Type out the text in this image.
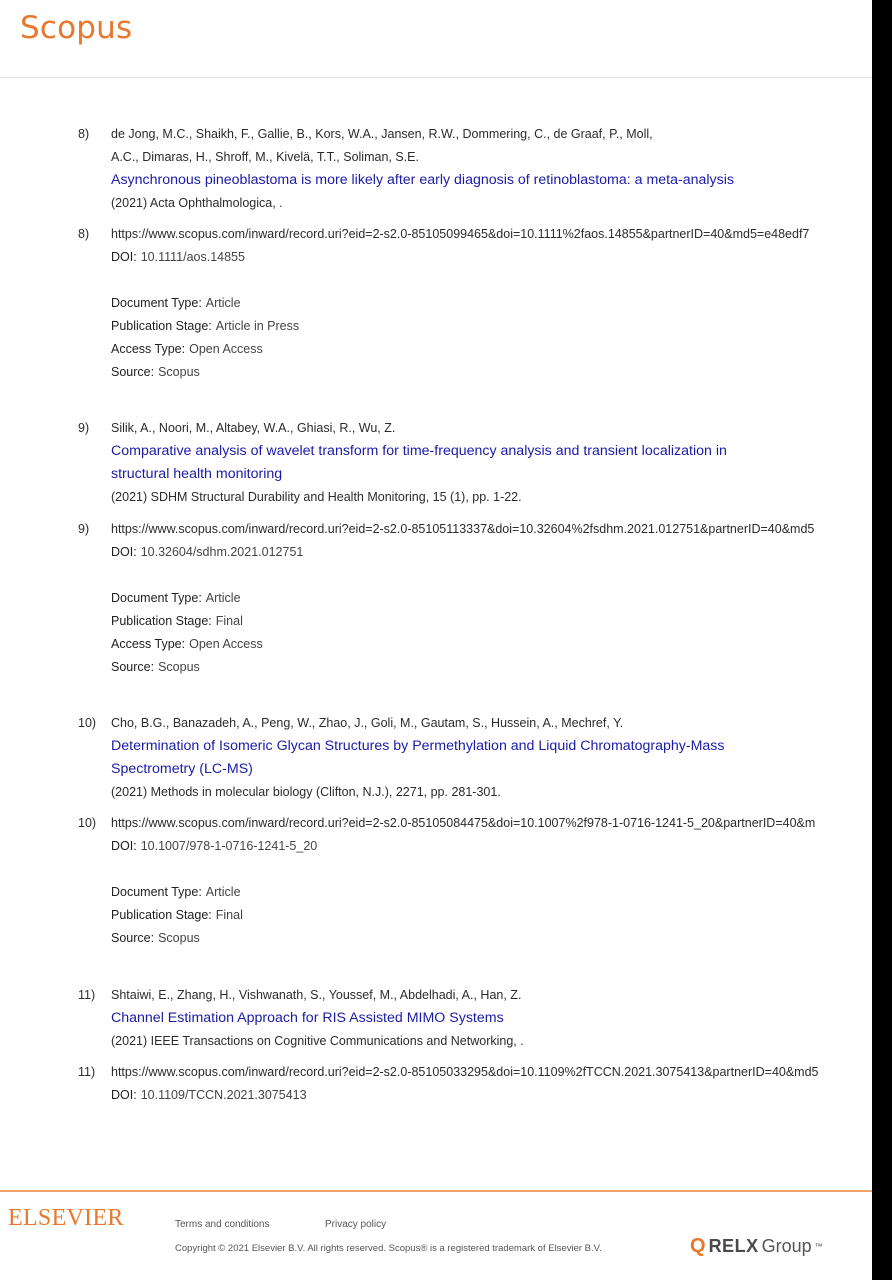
Scopus
8)	de Jong, M.C., Shaikh, F., Gallie, B., Kors, W.A., Jansen, R.W., Dommering, C., de Graaf, P., Moll,
A.C., Dimaras, H., Shroff, M., Kivelä, T.T., Soliman, S.E.
Asynchronous pineoblastoma is more likely after early diagnosis of retinoblastoma: a meta-analysis
(2021) Acta Ophthalmologica, .
8)	https://www.scopus.com/inward/record.uri?eid=2-s2.0-85105099465&doi=10.1111%2faos.14855&partnerID=40&md5=e48edf7
DOI: 10.1111/aos.14855
Document Type: Article
Publication Stage: Article in Press
Access Type: Open Access
Source: Scopus
9)	Silik, A., Noori, M., Altabey, W.A., Ghiasi, R., Wu, Z.
Comparative analysis of wavelet transform for time-frequency analysis and transient localization in
structural health monitoring
(2021) SDHM Structural Durability and Health Monitoring, 15 (1), pp. 1-22.
9)	https://www.scopus.com/inward/record.uri?eid=2-s2.0-85105113337&doi=10.32604%2fsdhm.2021.012751&partnerID=40&md5
DOI: 10.32604/sdhm.2021.012751
Document Type: Article
Publication Stage: Final
Access Type: Open Access
Source: Scopus
10)	Cho, B.G., Banazadeh, A., Peng, W., Zhao, J., Goli, M., Gautam, S., Hussein, A., Mechref, Y.
Determination of Isomeric Glycan Structures by Permethylation and Liquid Chromatography-Mass
Spectrometry (LC-MS)
(2021) Methods in molecular biology (Clifton, N.J.), 2271, pp. 281-301.
10)	https://www.scopus.com/inward/record.uri?eid=2-s2.0-85105084475&doi=10.1007%2f978-1-0716-1241-5_20&partnerID=40&m
DOI: 10.1007/978-1-0716-1241-5_20
Document Type: Article
Publication Stage: Final
Source: Scopus
11)	Shtaiwi, E., Zhang, H., Vishwanath, S., Youssef, M., Abdelhadi, A., Han, Z.
Channel Estimation Approach for RIS Assisted MIMO Systems
(2021) IEEE Transactions on Cognitive Communications and Networking, .
11)	https://www.scopus.com/inward/record.uri?eid=2-s2.0-85105033295&doi=10.1109%2fTCCN.2021.3075413&partnerID=40&md5
DOI: 10.1109/TCCN.2021.3075413
ELSEVIER	Terms and conditions	Privacy policy
Copyright © 2021 Elsevier B.V. All rights reserved. Scopus® is a registered trademark of Elsevier B.V.	Q RELX Group ™
